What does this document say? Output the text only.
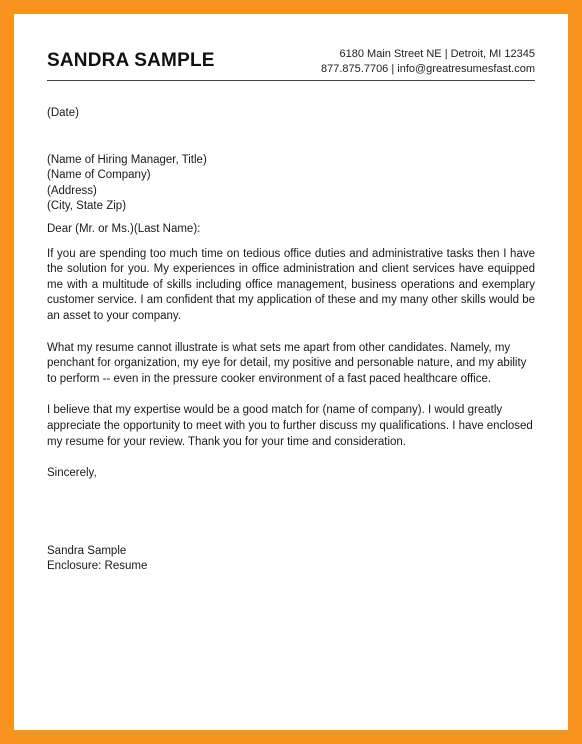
SANDRA SAMPLE	6180 Main Street NE | Detroit, MI 12345
877.875.7706 | info@greatresumesfast.com
(Date)
(Name of Hiring Manager, Title)
(Name of Company)
(Address)
(City, State Zip)
Dear (Mr. or Ms.)(Last Name):

If you are spending too much time on tedious office duties and administrative tasks then I have the solution for you. My experiences in office administration and client services have equipped me with a multitude of skills including office management, business operations and exemplary customer service. I am confident that my application of these and my many other skills would be an asset to your company.

What my resume cannot illustrate is what sets me apart from other candidates. Namely, my penchant for organization, my eye for detail, my positive and personable nature, and my ability to perform -- even in the pressure cooker environment of a fast paced healthcare office.

I believe that my expertise would be a good match for (name of company). I would greatly appreciate the opportunity to meet with you to further discuss my qualifications. I have enclosed my resume for your review. Thank you for your time and consideration.

Sincerely,
Sandra Sample
Enclosure: Resume
